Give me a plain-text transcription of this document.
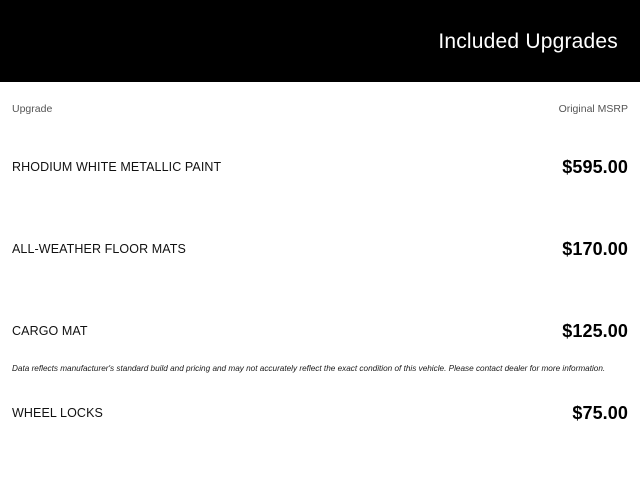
Included Upgrades
Upgrade	Original MSRP
RHODIUM WHITE METALLIC PAINT	$595.00
ALL-WEATHER FLOOR MATS	$170.00
CARGO MAT	$125.00
WHEEL LOCKS	$75.00
Data reflects manufacturer's standard build and pricing and may not accurately reflect the exact condition of this vehicle. Please contact dealer for more information.
